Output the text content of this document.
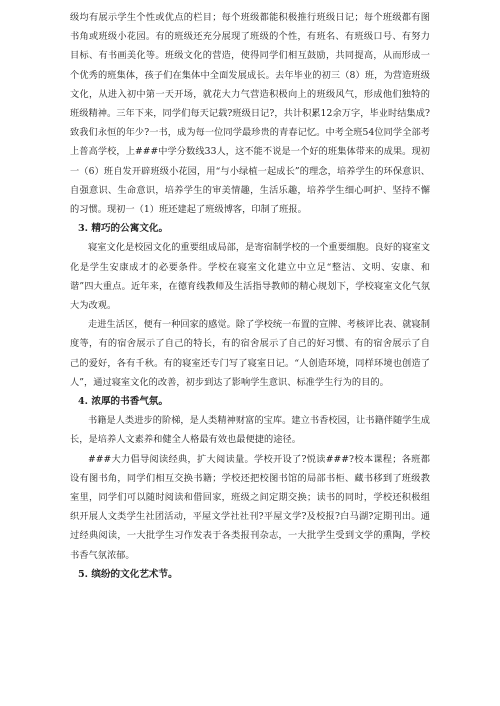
级均有展示学生个性或优点的栏目；每个班级都能积极推行班级日记；每个班级都有图书角或班级小花园。有的班级还充分展现了班级的个性，有班名、有班级口号、有努力目标、有书画美化等。班级文化的营造，使得同学们相互鼓励，共同提高，从而形成一个优秀的班集体，孩子们在集体中全面发展成长。去年毕业的初三（8）班，为营造班级文化，从进入初中第一天开场，就花大力气营造积极向上的班级风气，形成他们独特的班级精神。三年下来，同学们每天记载?班级日记?，共计积累12余万字，毕业时结集成?致我们永恒的年少?一书，成为每一位同学最珍贵的青春记忆。中考全班54位同学全部考上普高学校，上###中学分数线33人，这不能不说是一个好的班集体带来的成果。现初一（6）班自发开辟班级小花园，用“与小绿植一起成长”的理念，培养学生的环保意识、自强意识、生命意识，培养学生的审美情趣，生活乐趣，培养学生细心呵护、坚持不懈的习惯。现初一（1）班还建起了班级博客，印制了班报。

3. 精巧的公寓文化。

寝室文化是校园文化的重要组成局部，是寄宿制学校的一个重要细胞。良好的寝室文化是学生安康成才的必要条件。学校在寝室文化建立中立足“整洁、文明、安康、和谐”四大重点。近年来，在德育线教师及生活指导教师的精心规划下，学校寝室文化气氛大为改观。

走进生活区，便有一种回家的感觉。除了学校统一布置的宣牌、考核评比表、就寝制度等，有的宿舍展示了自己的特长，有的宿舍展示了自己的好习惯、有的宿舍展示了自己的爱好，各有千秋。有的寝室还专门写了寝室日记。“人创造环境，同样环境也创造了人”，通过寝室文化的改善，初步到达了影响学生意识、标准学生行为的目的。

4. 浓厚的书香气氛。

书籍是人类进步的阶梯，是人类精神财富的宝库。建立书香校园，让书籍伴随学生成长，是培养人文素养和健全人格最有效也最便捷的途径。

###大力倡导阅读经典，扩大阅读量。学校开设了?悦读###?校本课程；各班都设有图书角，同学们相互交换书籍；学校还把校图书馆的局部书柜、藏书移到了班级教室里，同学们可以随时阅读和借回家，班级之间定期交换；读书的同时，学校还积极组织开展人文类学生社团活动，平屋文学社社刊?平屋文学?及校报?白马湖?定期刊出。通过经典阅读，一大批学生习作发表于各类报刊杂志，一大批学生受到文学的熏陶，学校书香气氛浓郁。

5. 缤纷的文化艺术节。
